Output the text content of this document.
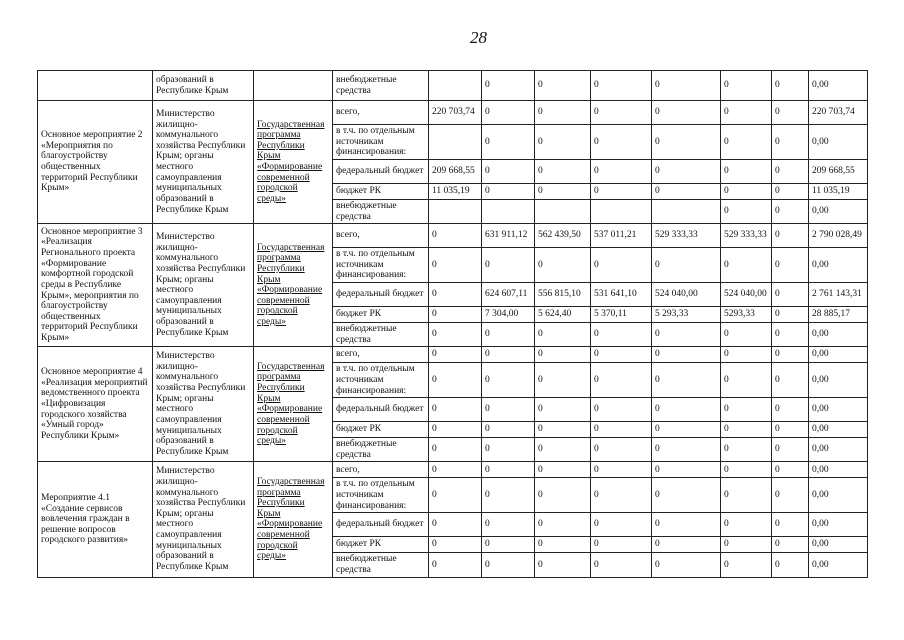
28
	образований в Республике Крым		внебюджетные средства		0	0	0	0	0	0	0,00
Основное мероприятие 2 «Мероприятия по благоустройству общественных территорий Республики Крым»	Министерство жилищно-коммунального хозяйства Республики Крым; органы местного самоуправления муниципальных образований в Республике Крым	Государственная программа Республики Крым «Формирование современной городской среды»	всего,	220 703,74	0	0	0	0	0	0	220 703,74
			в т.ч. по отдельным источникам финансирования:		0	0	0	0	0	0	0,00
			федеральный бюджет	209 668,55	0	0	0	0	0	0	209 668,55
			бюджет РК	11 035,19	0	0	0	0	0	0	11 035,19
			внебюджетные средства						0	0	0,00
Основное мероприятие 3 «Реализация Регионального проекта «Формирование комфортной городской среды в Республике Крым», мероприятия по благоустройству общественных территорий Республики Крым»	Министерство жилищно-коммунального хозяйства Республики Крым; органы местного самоуправления муниципальных образований в Республике Крым	Государственная программа Республики Крым «Формирование современной городской среды»	всего,	0	631 911,12	562 439,50	537 011,21	529 333,33	529 333,33	0	2 790 028,49
			в т.ч. по отдельным источникам финансирования:	0	0	0	0	0	0	0	0,00
			федеральный бюджет	0	624 607,11	556 815,10	531 641,10	524 040,00	524 040,00	0	2 761 143,31
			бюджет РК	0	7 304,00	5 624,40	5 370,11	5 293,33	5293,33	0	28 885,17
			внебюджетные средства	0	0	0	0	0	0	0	0,00
Основное мероприятие 4 «Реализация мероприятий ведомственного проекта «Цифровизация городского хозяйства «Умный город» Республики Крым»	Министерство жилищно-коммунального хозяйства Республики Крым; органы местного самоуправления муниципальных образований в Республике Крым	Государственная программа Республики Крым «Формирование современной городской среды»	всего,	0	0	0	0	0	0	0	0,00
			в т.ч. по отдельным источникам финансирования:	0	0	0	0	0	0	0	0,00
			федеральный бюджет	0	0	0	0	0	0	0	0,00
			бюджет РК	0	0	0	0	0	0	0	0,00
			внебюджетные средства	0	0	0	0	0	0	0	0,00
Мероприятие 4.1 «Создание сервисов вовлечения граждан в решение вопросов городского развития»	Министерство жилищно-коммунального хозяйства Республики Крым; органы местного самоуправления муниципальных образований в Республике Крым	Государственная программа Республики Крым «Формирование современной городской среды»	всего,	0	0	0	0	0	0	0	0,00
			в т.ч. по отдельным источникам финансирования:	0	0	0	0	0	0	0	0,00
			федеральный бюджет	0	0	0	0	0	0	0	0,00
			бюджет РК	0	0	0	0	0	0	0	0,00
			внебюджетные средства	0	0	0	0	0	0	0	0,00
